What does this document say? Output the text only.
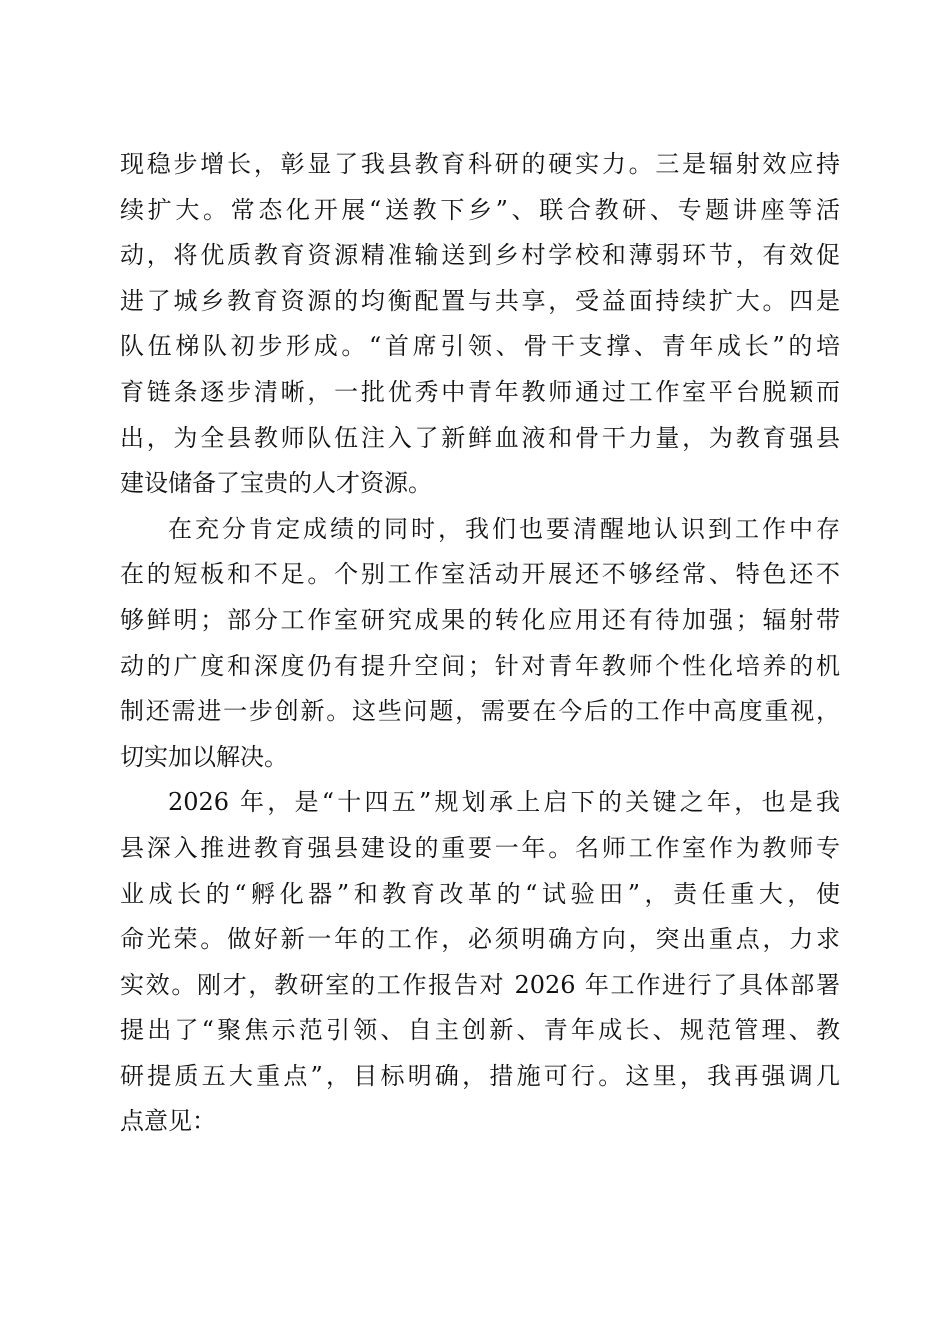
现稳步增长，彰显了我县教育科研的硬实力。三是辐射效应持
续扩大。常态化开展“送教下乡”、联合教研、专题讲座等活
动，将优质教育资源精准输送到乡村学校和薄弱环节，有效促
进了城乡教育资源的均衡配置与共享，受益面持续扩大。四是
队伍梯队初步形成。“首席引领、骨干支撑、青年成长”的培
育链条逐步清晰，一批优秀中青年教师通过工作室平台脱颖而
出，为全县教师队伍注入了新鲜血液和骨干力量，为教育强县
建设储备了宝贵的人才资源。
在充分肯定成绩的同时，我们也要清醒地认识到工作中存
在的短板和不足。个别工作室活动开展还不够经常、特色还不
够鲜明；部分工作室研究成果的转化应用还有待加强；辐射带
动的广度和深度仍有提升空间；针对青年教师个性化培养的机
制还需进一步创新。这些问题，需要在今后的工作中高度重视，
切实加以解决。
2026 年，是“十四五”规划承上启下的关键之年，也是我
县深入推进教育强县建设的重要一年。名师工作室作为教师专
业成长的“孵化器”和教育改革的“试验田”，责任重大，使
命光荣。做好新一年的工作，必须明确方向，突出重点，力求
实效。刚才，教研室的工作报告对 2026 年工作进行了具体部署
提出了“聚焦示范引领、自主创新、青年成长、规范管理、教
研提质五大重点”，目标明确，措施可行。这里，我再强调几
点意见：
